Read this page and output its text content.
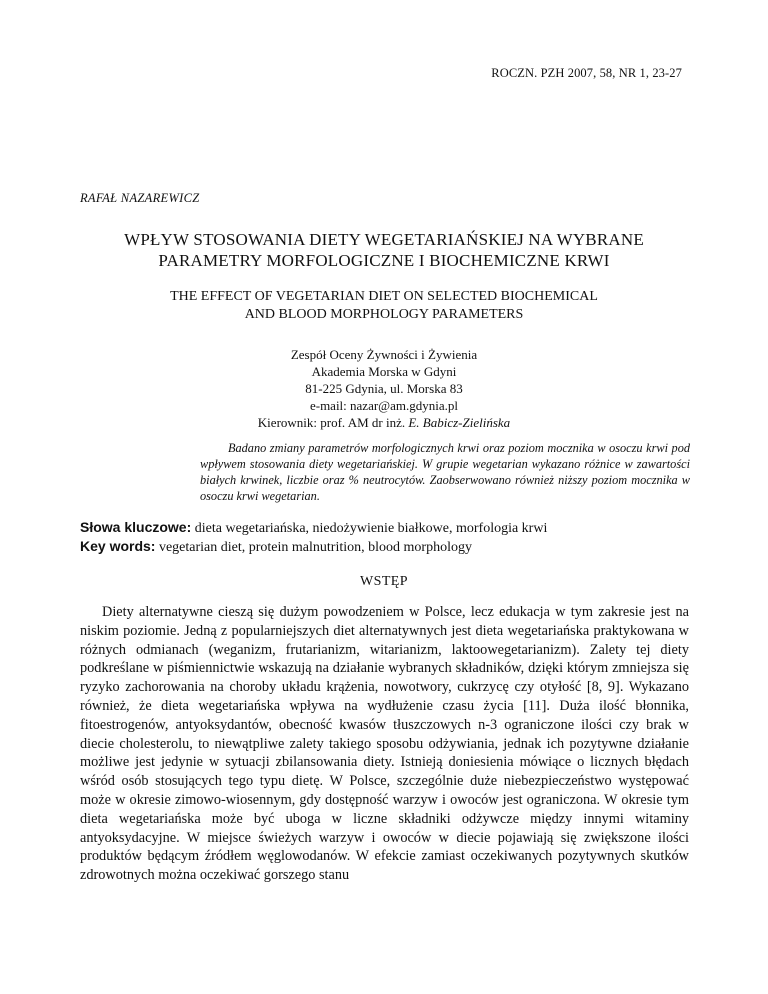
ROCZN. PZH 2007, 58, NR 1, 23-27
RAFAŁ NAZAREWICZ
WPŁYW STOSOWANIA DIETY WEGETARIAŃSKIEJ NA WYBRANE
PARAMETRY MORFOLOGICZNE I BIOCHEMICZNE KRWI
THE EFFECT OF VEGETARIAN DIET ON SELECTED BIOCHEMICAL
AND BLOOD MORPHOLOGY PARAMETERS
Zespół Oceny Żywności i Żywienia
Akademia Morska w Gdyni
81-225 Gdynia, ul. Morska 83
e-mail: nazar@am.gdynia.pl
Kierownik: prof. AM dr inż. E. Babicz-Zielińska
Badano zmiany parametrów morfologicznych krwi oraz poziom mocznika w osoczu krwi pod wpływem stosowania diety wegetariańskiej. W grupie wegetarian wykazano różnice w zawartości białych krwinek, liczbie oraz % neutrocytów. Zaobserwowano również niższy poziom mocznika w osoczu krwi wegetarian.
Słowa kluczowe: dieta wegetariańska, niedożywienie białkowe, morfologia krwi
Key words: vegetarian diet, protein malnutrition, blood morphology
WSTĘP
Diety alternatywne cieszą się dużym powodzeniem w Polsce, lecz edukacja w tym zakresie jest na niskim poziomie. Jedną z popularniejszych diet alternatywnych jest dieta wegetariańska praktykowana w różnych odmianach (weganizm, frutarianizm, witarianizm, laktoowegetarianizm). Zalety tej diety podkreślane w piśmiennictwie wskazują na działanie wybranych składników, dzięki którym zmniejsza się ryzyko zachorowania na choroby układu krążenia, nowotwory, cukrzycę czy otyłość [8, 9]. Wykazano również, że dieta wegetariańska wpływa na wydłużenie czasu życia [11]. Duża ilość błonnika, fitoestrogenów, antyoksydantów, obecność kwasów tłuszczowych n-3 ograniczone ilości czy brak w diecie cholesterolu, to niewątpliwe zalety takiego sposobu odżywiania, jednak ich pozytywne działanie możliwe jest jedynie w sytuacji zbilansowania diety. Istnieją doniesienia mówiące o licznych błędach wśród osób stosujących tego typu dietę. W Polsce, szczególnie duże niebezpieczeństwo występować może w okresie zimowo-wiosennym, gdy dostępność warzyw i owoców jest ograniczona. W okresie tym dieta wegetariańska może być uboga w liczne składniki odżywcze między innymi witaminy antyoksydacyjne. W miejsce świeżych warzyw i owoców w diecie pojawiają się zwiększone ilości produktów będącym źródłem węglowodanów. W efekcie zamiast oczekiwanych pozytywnych skutków zdrowotnych można oczekiwać gorszego stanu
